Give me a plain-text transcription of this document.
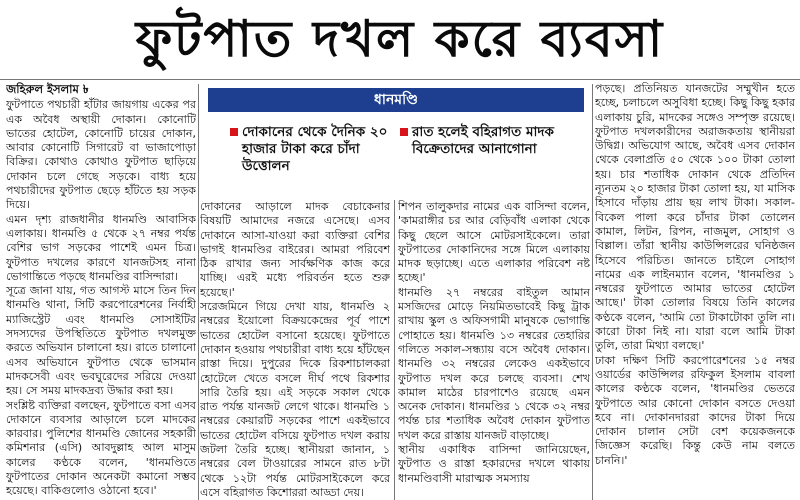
ফুটপাত দখল করে ব্যবসা

জহিরুল ইসলাম ৳

ফুটপাতে পথচারী হাঁটার জায়গায় একের পর এক অবৈধ অস্থায়ী দোকান। কোনোটি ভাতের হোটেল, কোনোটি চায়ের দোকান, আবার কোনোটি সিগারেট বা ভাজাপোড়া বিক্রির। কোথাও কোথাও ফুটপাত ছাড়িয়ে দোকান চলে গেছে সড়কে। বাধ্য হয়ে পথচারীদের ফুটপাত ছেড়ে হাঁটতে হয় সড়ক দিয়ে।

এমন দৃশ্য রাজধানীর ধানমণ্ডি আবাসিক এলাকায়। ধানমণ্ডি ৫ থেকে ২৭ নম্বর পর্যন্ত বেশির ভাগ সড়কের পাশেই এমন চিত্র। ফুটপাত দখলের কারণে যানজটসহ নানা ভোগান্তিতে পড়ছে ধানমণ্ডির বাসিন্দারা।

সূত্রে জানা যায়, গত আগস্ট মাসে তিন দিন ধানমণ্ডি থানা, সিটি করপোরেশনের নির্বাহী ম্যাজিস্ট্রেট এবং ধানমণ্ডি সোসাইটির সদস্যদের উপস্থিতিতে ফুটপাত দখলমুক্ত করতে অভিযান চালানো হয়। রাতে চালানো এসব অভিযানে ফুটপাত থেকে ভাসমান মাদকসেবী এবং ভবঘুরেদের সরিয়ে দেওয়া হয়। সে সময় মাদকদ্রব্য উদ্ধার করা হয়।

সংশ্লিষ্ট ব্যক্তিরা বলছেন, ফুটপাতে বসা এসব দোকানে ব্যবসার আড়ালে চলে মাদকের কারবার। পুলিশের ধানমণ্ডি জোনের সহকারী কমিশনার (এসি) আবদুল্লাহ আল মাসুম কালের কণ্ঠকে বলেন, 'ধানমণ্ডিতে ফুটপাতের দোকান অনেকটা কমানো সম্ভব হয়েছে। বাকিগুলোও ওঠানো হবে।'

ধানমণ্ডি
দোকানের থেকে দৈনিক ২০ হাজার টাকা করে চাঁদা উত্তোলন
রাত হলেই বহিরাগত মাদক বিক্রেতাদের আনাগোনা

দোকানের আড়ালে মাদক বেচাকেনার বিষয়টি আমাদের নজরে এসেছে। এসব দোকানে আসা-যাওয়া করা ব্যক্তিরা বেশির ভাগই ধানমণ্ডির বাইরের। আমরা পরিবেশ ঠিক রাখার জন্য সার্বক্ষণিক কাজ করে যাচ্ছি। এরই মধ্যে পরিবর্তন হতে শুরু হয়েছে।'

সরেজমিনে গিয়ে দেখা যায়, ধানমণ্ডি ২ নম্বরের ইয়োলো বিক্রয়কেন্দ্রের পূর্ব পাশে ভাতের হোটেল বসানো হয়েছে। ফুটপাতে দোকান হওয়ায় পথচারীরা বাধ্য হয়ে হাঁটছেন রাস্তা দিয়ে। দুপুরের দিকে রিকশাচালকরা হোটেলে খেতে বসলে দীর্ঘ পথে রিকশার সারি তৈরি হয়। এই সড়কে সকাল থেকে রাত পর্যন্ত যানজট লেগে থাকে। ধানমণ্ডি ১ নম্বরের কেয়ারটি সড়কের পাশে একইভাবে ভাতের হোটেল বসিয়ে ফুটপাত দখল করায় জটলা তৈরি হচ্ছে। স্থানীয়রা জানান, ১ নম্বরের বেল টাওয়ারের সামনে রাত ৮টা থেকে ১২টা পর্যন্ত মোটরসাইকেলে করে এসে বহিরাগত কিশোররা আড্ডা দেয়।

শিপন তালুকদার নামের এক বাসিন্দা বলেন, 'কামরাঙ্গীর চর আর বেড়িবাঁধ এলাকা থেকে কিছু ছেলে আসে মোটরসাইকেলে। তারা ফুটপাতের দোকানিদের সঙ্গে মিলে এলাকায় মাদক ছড়াচ্ছে। এতে এলাকার পরিবেশ নষ্ট হচ্ছে।'

ধানমণ্ডি ২৭ নম্বরের বাইতুল আমান মসজিদের মোড়ে নিয়মিতভাবেই কিছু ট্রাক রাখায় স্কুল ও অফিসগামী মানুষকে ভোগান্তি পোহাতে হয়। ধানমণ্ডি ১৩ নম্বরের তেহারির গলিতে সকাল-সন্ধ্যায় বসে অবৈধ দোকান। ধানমণ্ডি ৩২ নম্বরের লেকেও একইভাবে ফুটপাত দখল করে চলছে ব্যবসা। শেখ কামাল মাঠের চারপাশেও রয়েছে এমন অনেক দোকান। ধানমণ্ডির ১ থেকে ৩২ নম্বর পর্যন্ত চার শতাধিক অবৈধ দোকান ফুটপাত দখল করে রাস্তায় যানজট বাড়াচ্ছে।

স্থানীয় একাধিক বাসিন্দা জানিয়েছেন, ফুটপাত ও রাস্তা হকারদের দখলে থাকায় ধানমণ্ডিবাসী মারাত্মক সমস্যায়

পড়ছে। প্রতিনিয়ত যানজটের সম্মুখীন হতে হচ্ছে, চলাচলে অসুবিধা হচ্ছে। কিছু কিছু হকার এলাকায় চুরি, মাদকের সঙ্গেও সম্পৃক্ত রয়েছে। ফুটপাত দখলকারীদের অরাজকতায় স্থানীয়রা উদ্বিগ্ন। অভিযোগ আছে, অবৈধ এসব দোকান থেকে বেলাপ্রতি ৫০ থেকে ১০০ টাকা তোলা হয়। চার শতাধিক দোকান থেকে প্রতিদিন ন্যূনতম ২০ হাজার টাকা তোলা হয়, যা মাসিক হিসাবে দাঁড়ায় প্রায় ছয় লাখ টাকা। সকাল-বিকেল পালা করে চাঁদার টাকা তোলেন কামাল, লিটন, রিপন, নাজমুল, সোহাগ ও বিল্লাল। তাঁরা স্থানীয় কাউন্সিলরের ঘনিষ্ঠজন হিসেবে পরিচিত। জানতে চাইলে সোহাগ নামের এক লাইনম্যান বলেন, 'ধানমণ্ডির ১ নম্বরের ফুটপাতে আমার ভাতের হোটেল আছে।' টাকা তোলার বিষয়ে তিনি কালের কণ্ঠকে বলেন, 'আমি তো টাকাটোকা তুলি না। কারো টাকা নিই না। যারা বলে আমি টাকা তুলি, তারা মিথ্যা বলছে।'

ঢাকা দক্ষিণ সিটি করপোরেশনের ১৫ নম্বর ওয়ার্ডের কাউন্সিলর রফিকুল ইসলাম বাবলা কালের কণ্ঠকে বলেন, 'ধানমণ্ডির ভেতরে ফুটপাতে আর কোনো দোকান বসতে দেওয়া হবে না। দোকানদাররা কাদের টাকা দিয়ে দোকান চালান সেটা বেশ কয়েকজনকে জিজ্ঞেস করেছি। কিন্তু কেউ নাম বলতে চাননি।'
